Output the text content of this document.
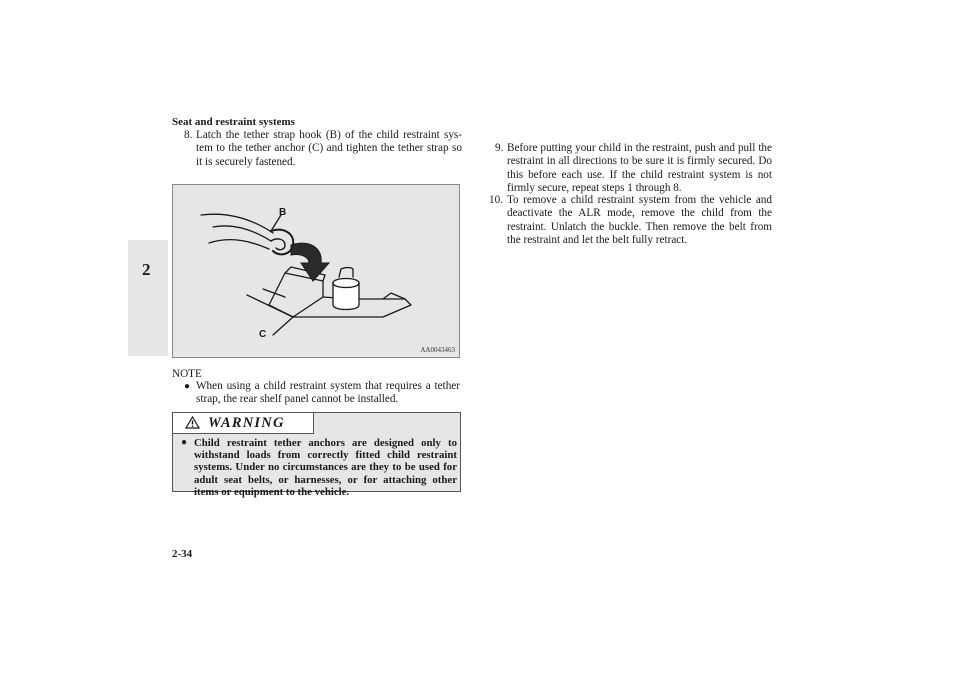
Seat and restraint systems
2
8. Latch the tether strap hook (B) of the child restraint sys-tem to the tether anchor (C) and tighten the tether strap so it is securely fastened.
B
C
AA0043463
NOTE
● When using a child restraint system that requires a tether strap, the rear shelf panel cannot be installed.
WARNING
● Child restraint tether anchors are designed only to withstand loads from correctly fitted child restraint systems. Under no circumstances are they to be used for adult seat belts, or harnesses, or for attaching other items or equipment to the vehicle.
9. Before putting your child in the restraint, push and pull the restraint in all directions to be sure it is firmly secured. Do this before each use. If the child restraint system is not firmly secure, repeat steps 1 through 8.
10. To remove a child restraint system from the vehicle and deactivate the ALR mode, remove the child from the restraint. Unlatch the buckle. Then remove the belt from the restraint and let the belt fully retract.
2-34
